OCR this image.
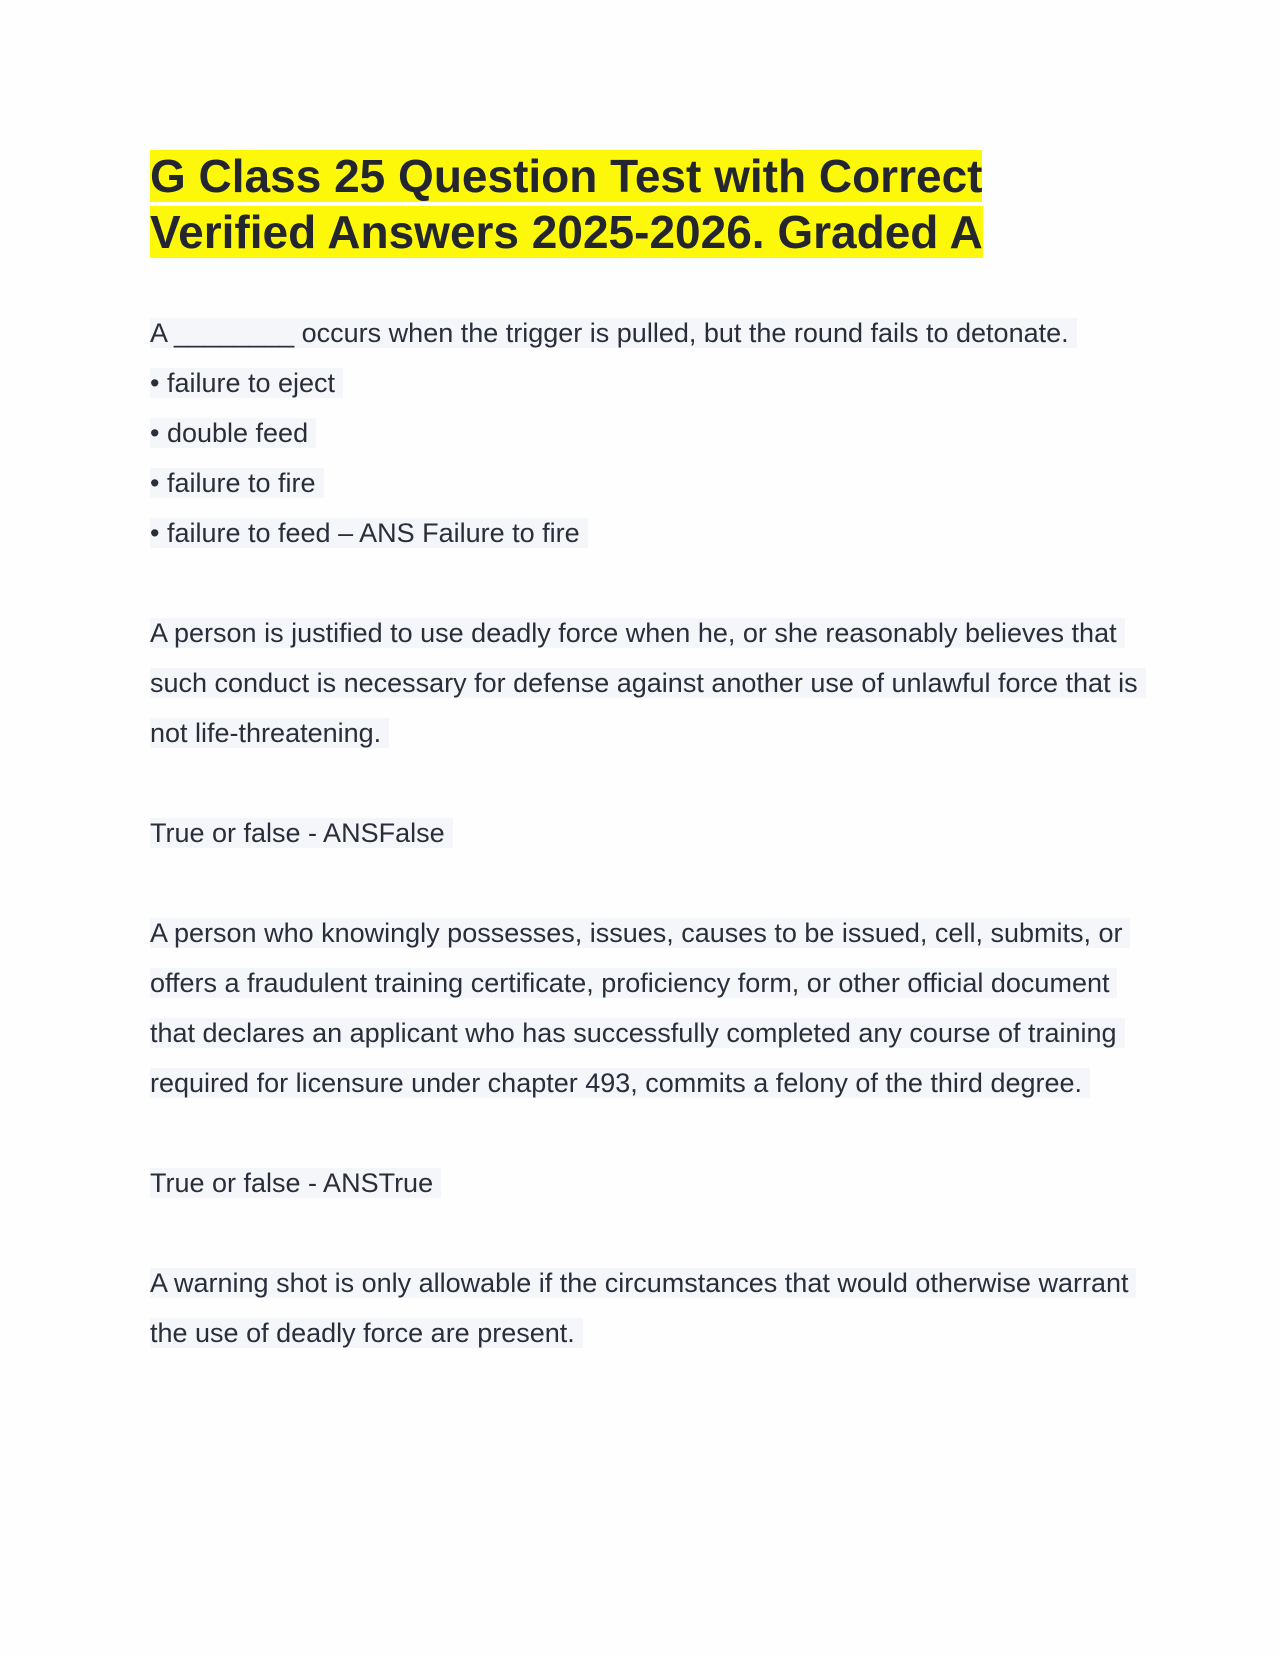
G Class 25 Question Test with Correct Verified Answers 2025-2026. Graded A

A ________ occurs when the trigger is pulled, but the round fails to detonate.

• failure to eject

• double feed

• failure to fire

• failure to feed – ANS Failure to fire

A person is justified to use deadly force when he, or she reasonably believes that such conduct is necessary for defense against another use of unlawful force that is not life-threatening.

True or false - ANSFalse

A person who knowingly possesses, issues, causes to be issued, cell, submits, or offers a fraudulent training certificate, proficiency form, or other official document that declares an applicant who has successfully completed any course of training required for licensure under chapter 493, commits a felony of the third degree.

True or false - ANSTrue

A warning shot is only allowable if the circumstances that would otherwise warrant the use of deadly force are present.
